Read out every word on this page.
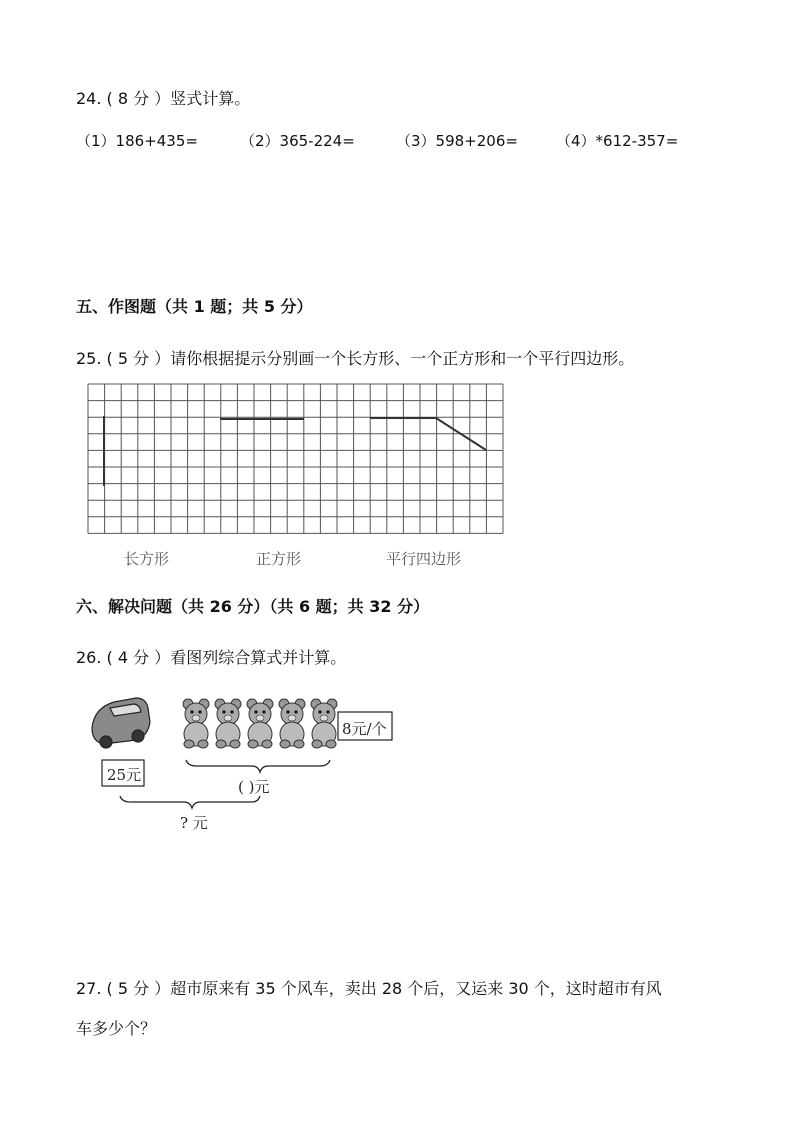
24. ( 8 分 ）竖式计算。
（1）186+435=	（2）365-224=	（3）598+206=	（4）*612-357=
五、作图题（共 1 题；共 5 分）
25. ( 5 分 ）请你根据提示分别画一个长方形、一个正方形和一个平行四边形。
长方形	正方形	平行四边形
六、解决问题（共 26 分）（共 6 题；共 32 分）
26. ( 4 分 ）看图列综合算式并计算。
25元
8元/个
( )元
? 元
27. ( 5 分 ）超市原来有 35 个风车，卖出 28 个后，又运来 30 个，这时超市有风
车多少个？
